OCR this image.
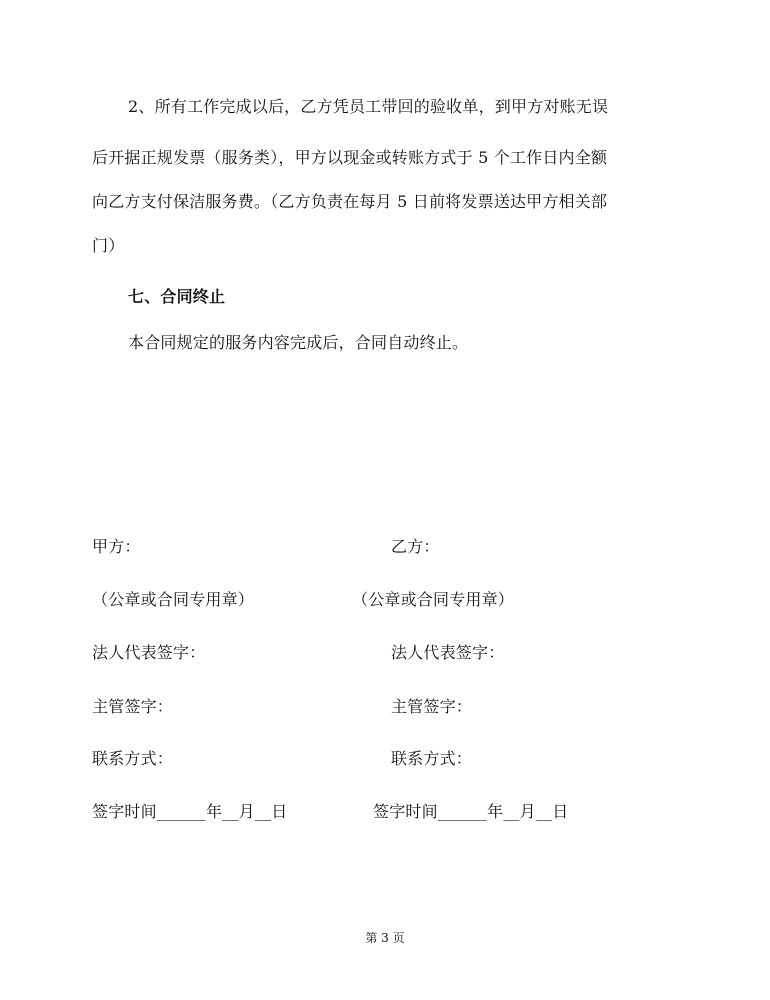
2、所有工作完成以后，乙方凭员工带回的验收单，到甲方对账无误
后开据正规发票（服务类），甲方以现金或转账方式于 5 个工作日内全额
向乙方支付保洁服务费。（乙方负责在每月 5 日前将发票送达甲方相关部
门）
七、合同终止
本合同规定的服务内容完成后，合同自动终止。
甲方：
（公章或合同专用章）
法人代表签字：
主管签字：
联系方式：
签字时间______年__月__日
乙方：
（公章或合同专用章）
法人代表签字：
主管签字：
联系方式：
签字时间______年__月__日
第 3 页
